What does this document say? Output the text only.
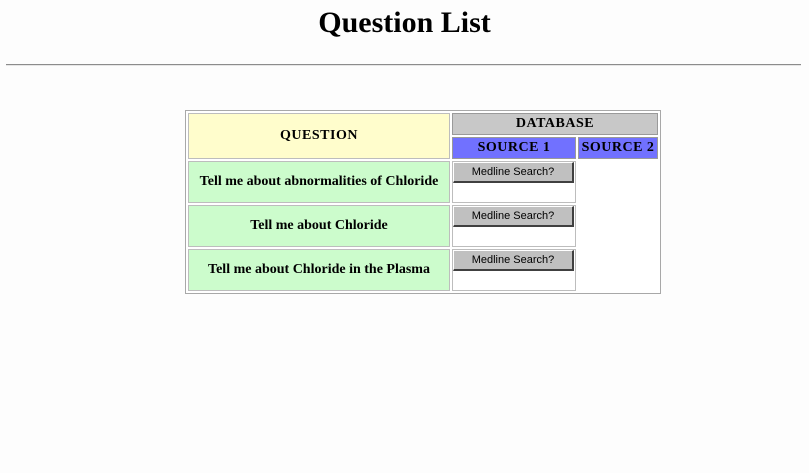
Question List
QUESTION	DATABASE	
	SOURCE 1	SOURCE 2
Tell me about abnormalities of Chloride	Medline Search?	

Tell me about Chloride	Medline Search?	

Tell me about Chloride in the Plasma	Medline Search?	
